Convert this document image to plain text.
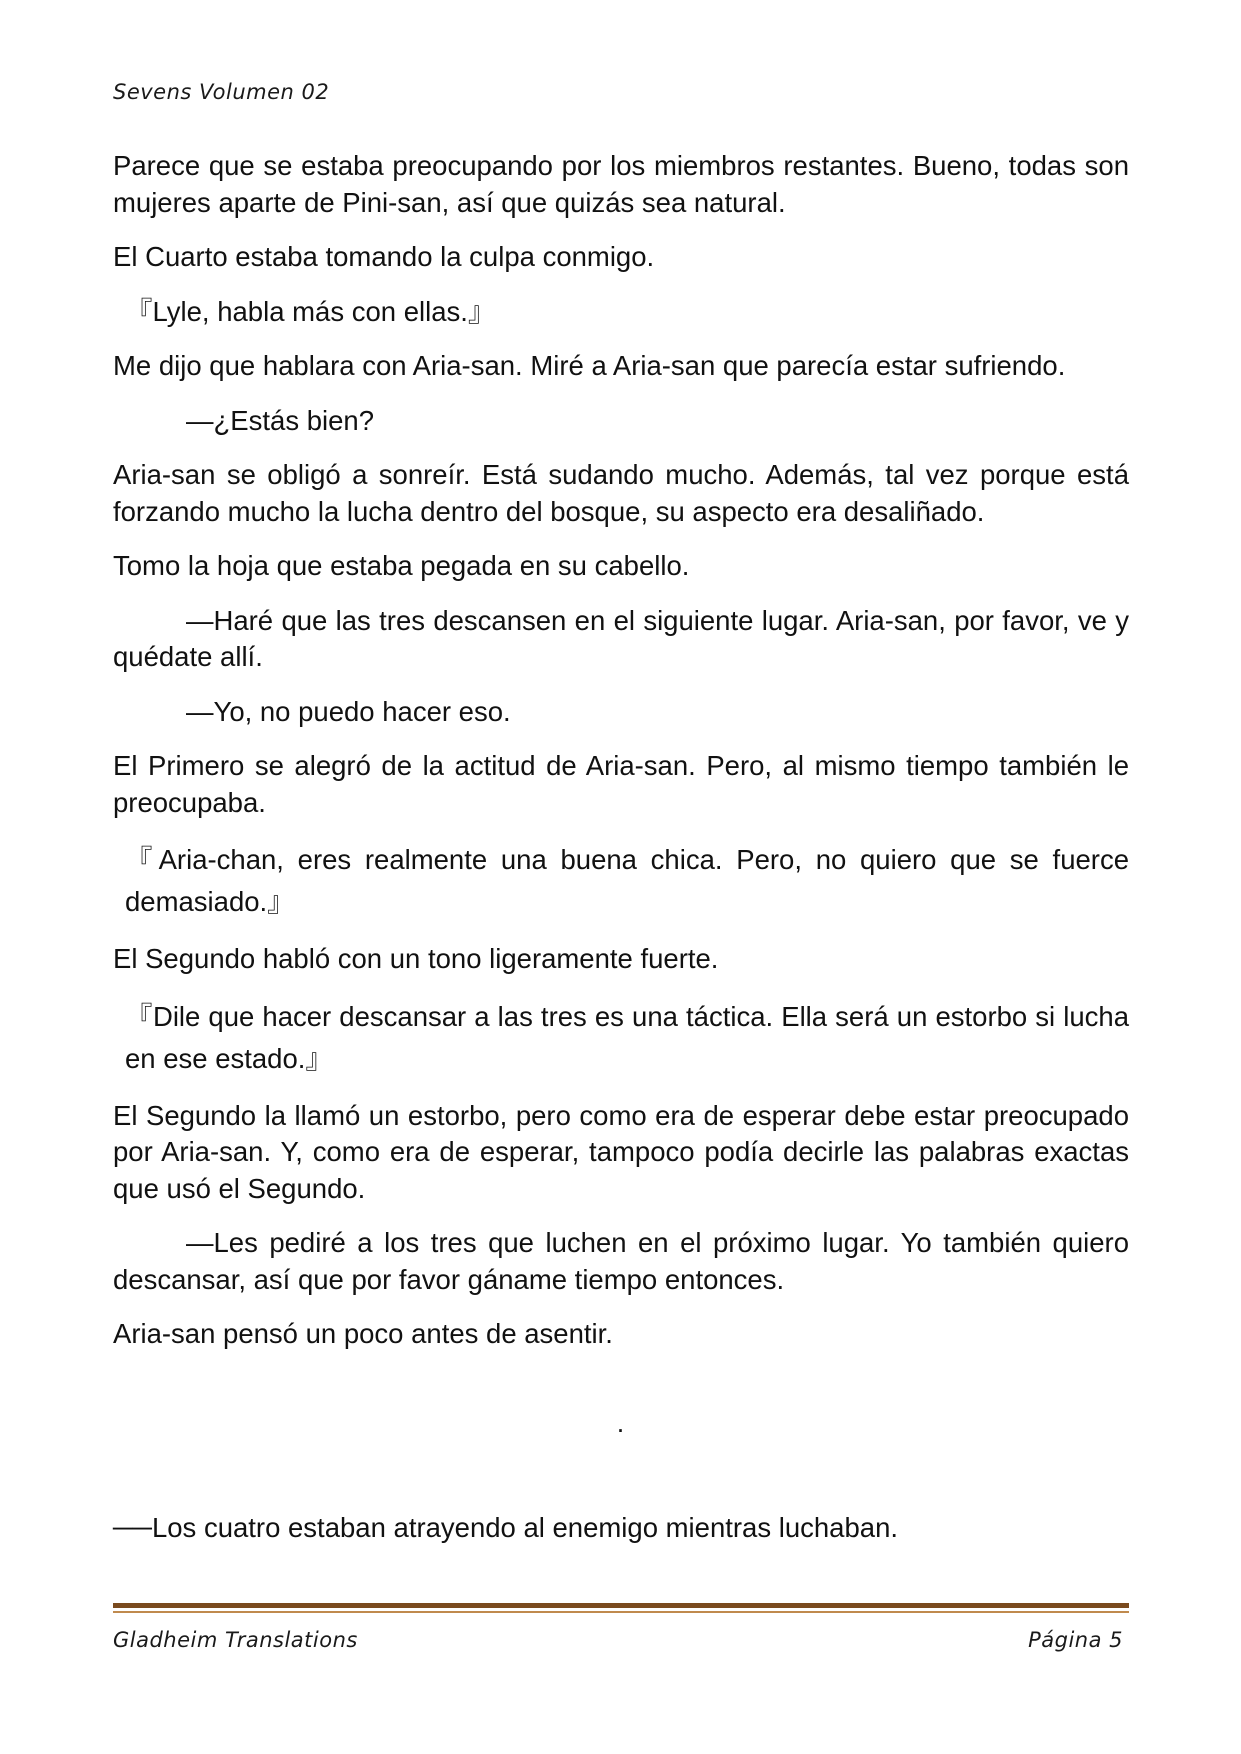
Sevens Volumen 02

Parece que se estaba preocupando por los miembros restantes. Bueno, todas son mujeres aparte de Pini-san, así que quizás sea natural.

El Cuarto estaba tomando la culpa conmigo.

『Lyle, habla más con ellas.』

Me dijo que hablara con Aria-san. Miré a Aria-san que parecía estar sufriendo.

—¿Estás bien?

Aria-san se obligó a sonreír. Está sudando mucho. Además, tal vez porque está forzando mucho la lucha dentro del bosque, su aspecto era desaliñado.

Tomo la hoja que estaba pegada en su cabello.

—Haré que las tres descansen en el siguiente lugar. Aria-san, por favor, ve y quédate allí.

—Yo, no puedo hacer eso.

El Primero se alegró de la actitud de Aria-san. Pero, al mismo tiempo también le preocupaba.

『Aria-chan, eres realmente una buena chica. Pero, no quiero que se fuerce demasiado.』

El Segundo habló con un tono ligeramente fuerte.

『Dile que hacer descansar a las tres es una táctica. Ella será un estorbo si lucha en ese estado.』

El Segundo la llamó un estorbo, pero como era de esperar debe estar preocupado por Aria-san. Y, como era de esperar, tampoco podía decirle las palabras exactas que usó el Segundo.

—Les pediré a los tres que luchen en el próximo lugar. Yo también quiero descansar, así que por favor gáname tiempo entonces.

Aria-san pensó un poco antes de asentir.

.
──Los cuatro estaban atrayendo al enemigo mientras luchaban.
Gladheim Translations	Página 5
